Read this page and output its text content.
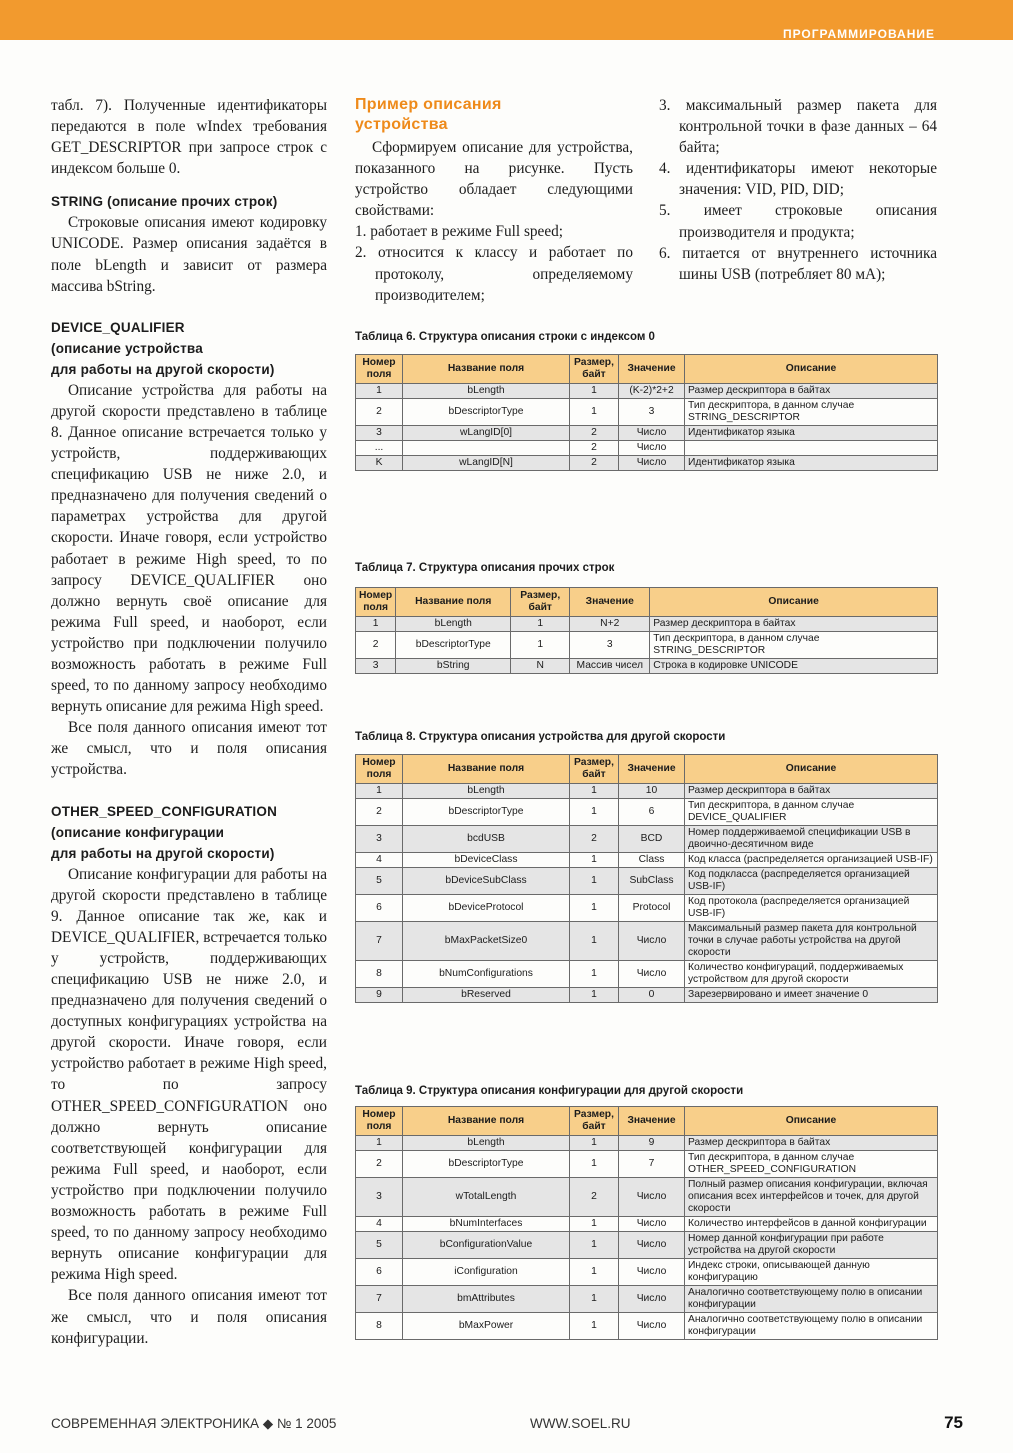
ПРОГРАММИРОВАНИЕ

табл. 7). Полученные идентификаторы передаются в поле wIndex требования GET_DESCRIPTOR при запросе строк с индексом больше 0.

STRING (описание прочих строк)

Строковые описания имеют кодировку UNICODE. Размер описания задаётся в поле bLength и зависит от размера массива bString.

DEVICE_QUALIFIER
(описание устройства
для работы на другой скорости)

Описание устройства для работы на другой скорости представлено в таблице 8. Данное описание встречается только у устройств, поддерживающих спецификацию USB не ниже 2.0, и предназначено для получения сведений о параметрах устройства для другой скорости. Иначе говоря, если устройство работает в режиме High speed, то по запросу DEVICE_QUALIFIER оно должно вернуть своё описание для режима Full speed, и наоборот, если устройство при подключении получило возможность работать в режиме Full speed, то по данному запросу необходимо вернуть описание для режима High speed.

Все поля данного описания имеют тот же смысл, что и поля описания устройства.

OTHER_SPEED_CONFIGURATION
(описание конфигурации
для работы на другой скорости)

Описание конфигурации для работы на другой скорости представлено в таблице 9. Данное описание так же, как и DEVICE_QUALIFIER, встречается только у устройств, поддерживающих спецификацию USB не ниже 2.0, и предназначено для получения сведений о доступных конфигурациях устройства на другой скорости. Иначе говоря, если устройство работает в режиме High speed, то по запросу OTHER_SPEED_CONFIGURATION оно должно вернуть описание соответствующей конфигурации для режима Full speed, и наоборот, если устройство при подключении получило возможность работать в режиме Full speed, то по данному запросу необходимо вернуть описание конфигурации для режима High speed.

Все поля данного описания имеют тот же смысл, что и поля описания конфигурации.

Пример описания
устройства

Сформируем описание для устройства, показанного на рисунке. Пусть устройство обладает следующими свойствами:

1. работает в режиме Full speed;
2. относится к классу и работает по протоколу, определяемому производителем;
3. максимальный размер пакета для контрольной точки в фазе данных – 64 байта;
4. идентификаторы имеют некоторые значения: VID, PID, DID;
5. имеет строковые описания производителя и продукта;
6. питается от внутреннего источника шины USB (потребляет 80 мА);
Таблица 6. Структура описания строки с индексом 0
Номер поля	Название поля	Размер, байт	Значение	Описание
1	bLength	1	(K-2)*2+2	Размер дескриптора в байтах
2	bDescriptorType	1	3	Тип дескриптора, в данном случае STRING_DESCRIPTOR
3	wLangID[0]	2	Число	Идентификатор языка
...		2	Число	
K	wLangID[N]	2	Число	Идентификатор языка
Таблица 7. Структура описания прочих строк
Номер поля	Название поля	Размер, байт	Значение	Описание
1	bLength	1	N+2	Размер дескриптора в байтах
2	bDescriptorType	1	3	Тип дескриптора, в данном случае STRING_DESCRIPTOR
3	bString	N	Массив чисел	Строка в кодировке UNICODE
Таблица 8. Структура описания устройства для другой скорости
Номер поля	Название поля	Размер, байт	Значение	Описание
1	bLength	1	10	Размер дескриптора в байтах
2	bDescriptorType	1	6	Тип дескриптора, в данном случае DEVICE_QUALIFIER
3	bcdUSB	2	BCD	Номер поддерживаемой спецификации USB в двоично-десятичном виде
4	bDeviceClass	1	Class	Код класса (распределяется организацией USB-IF)
5	bDeviceSubClass	1	SubClass	Код подкласса (распределяется организацией USB-IF)
6	bDeviceProtocol	1	Protocol	Код протокола (распределяется организацией USB-IF)
7	bMaxPacketSize0	1	Число	Максимальный размер пакета для контрольной точки в случае работы устройства на другой скорости
8	bNumConfigurations	1	Число	Количество конфигураций, поддерживаемых устройством для другой скорости
9	bReserved	1	0	Зарезервировано и имеет значение 0
Таблица 9. Структура описания конфигурации для другой скорости
Номер поля	Название поля	Размер, байт	Значение	Описание
1	bLength	1	9	Размер дескриптора в байтах
2	bDescriptorType	1	7	Тип дескриптора, в данном случае OTHER_SPEED_CONFIGURATION
3	wTotalLength	2	Число	Полный размер описания конфигурации, включая описания всех интерфейсов и точек, для другой скорости
4	bNumInterfaces	1	Число	Количество интерфейсов в данной конфигурации
5	bConfigurationValue	1	Число	Номер данной конфигурации при работе устройства на другой скорости
6	iConfiguration	1	Число	Индекс строки, описывающей данную конфигурацию
7	bmAttributes	1	Число	Аналогично соответствующему полю в описании конфигурации
8	bMaxPower	1	Число	Аналогично соответствующему полю в описании конфигурации
СОВРЕМЕННАЯ ЭЛЕКТРОНИКА ◆ № 1 2005	WWW.SOEL.RU	75
